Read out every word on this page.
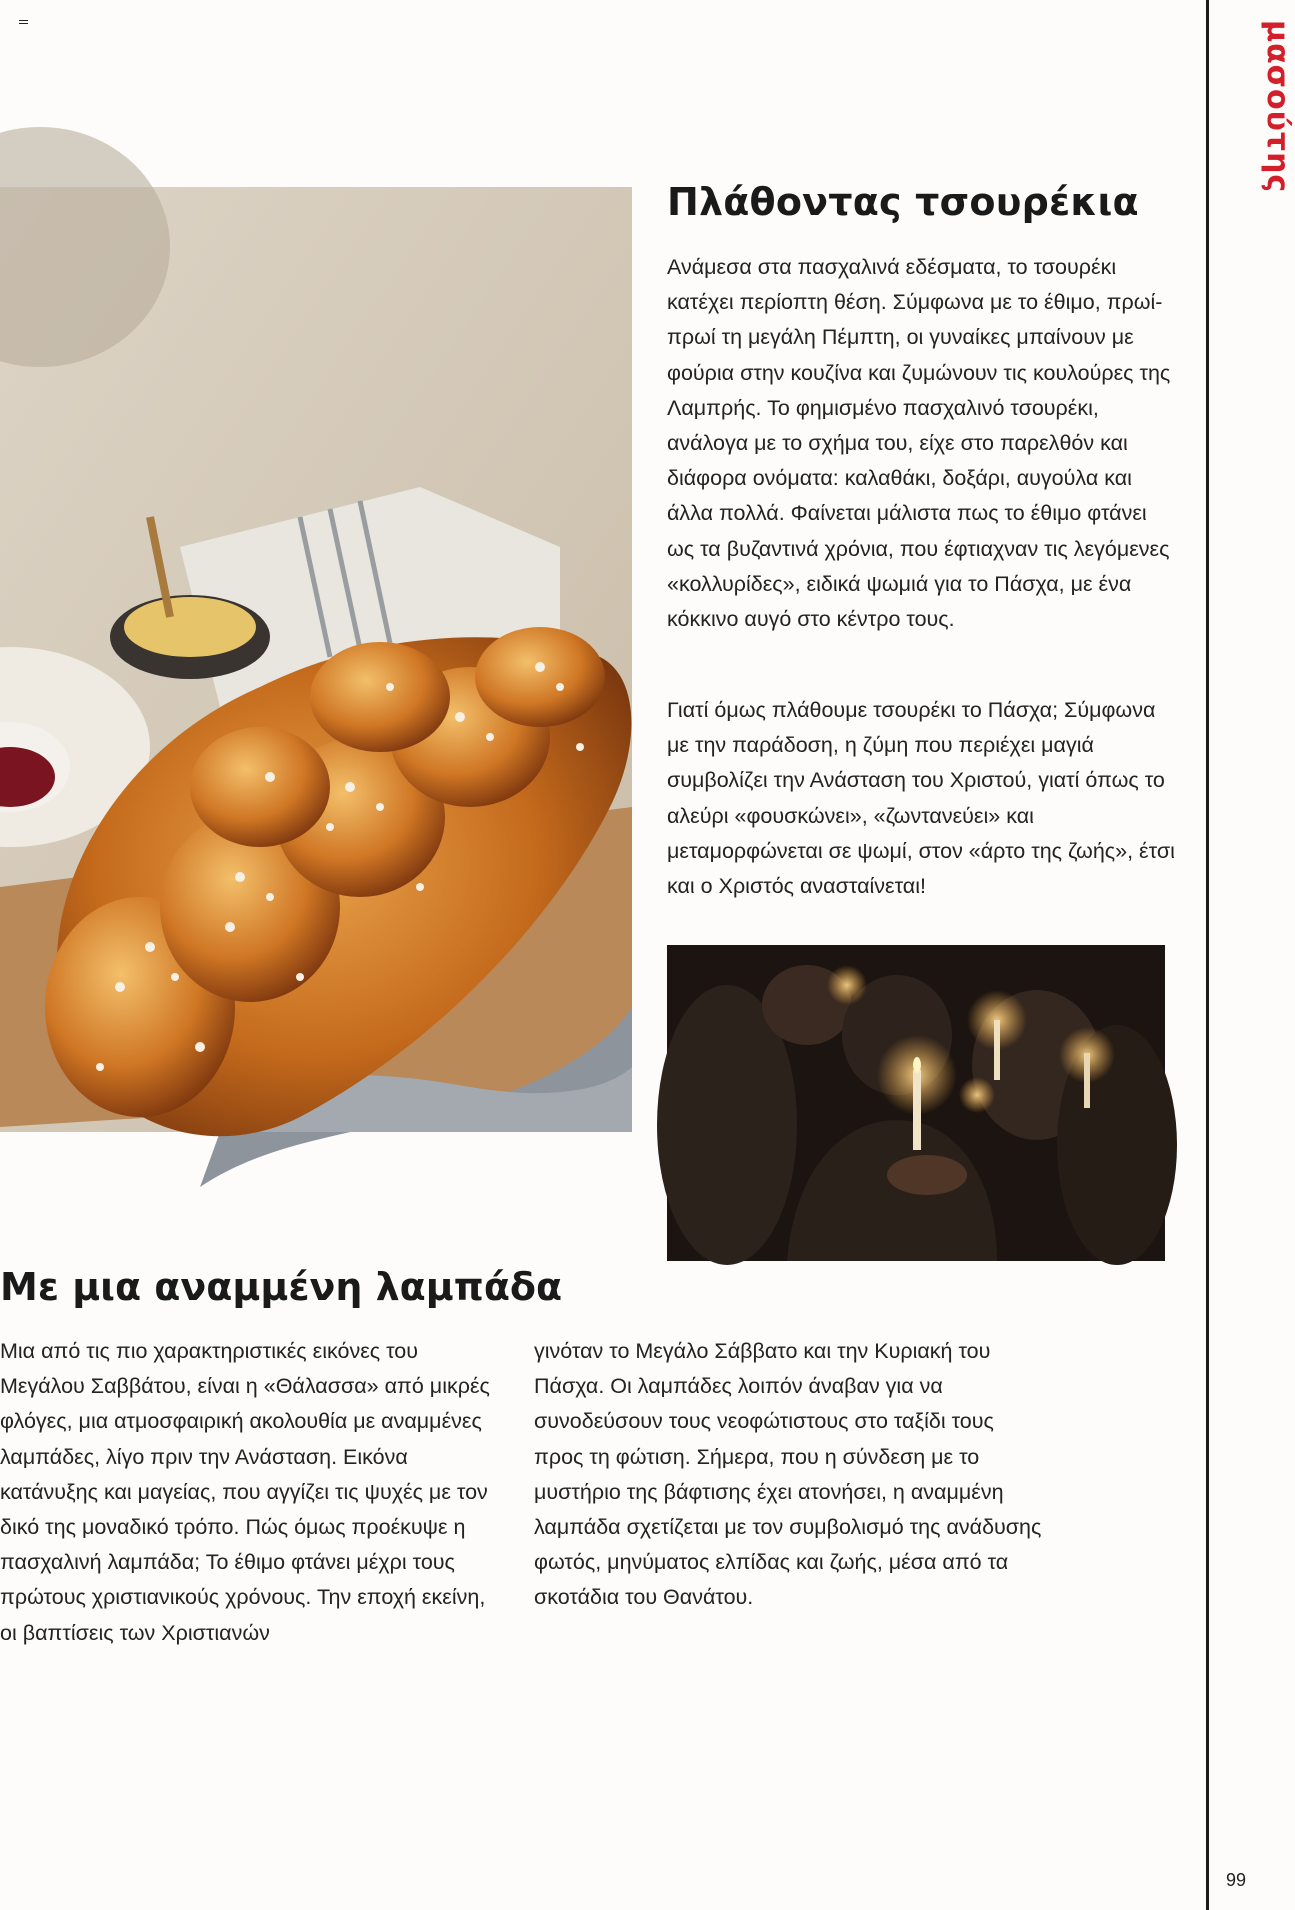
μασούτης
Πλάθοντας τσουρέκια

Ανάμεσα στα πασχαλινά εδέσματα, το τσουρέκι κατέχει περίοπτη θέση. Σύμφωνα με το έθιμο, πρωί-πρωί τη μεγάλη Πέμπτη, οι γυναίκες μπαίνουν με φούρια στην κουζίνα και ζυμώνουν τις κουλούρες της Λαμπρής. Το φημισμένο πασχαλινό τσουρέκι, ανάλογα με το σχήμα του, είχε στο παρελθόν και διάφορα ονόματα: καλαθάκι, δοξάρι, αυγούλα και άλλα πολλά. Φαίνεται μάλιστα πως το έθιμο φτάνει ως τα βυζαντινά χρόνια, που έφτιαχναν τις λεγόμενες «κολλυρίδες», ειδικά ψωμιά για το Πάσχα, με ένα κόκκινο αυγό στο κέντρο τους.

Γιατί όμως πλάθουμε τσουρέκι το Πάσχα; Σύμφωνα με την παράδοση, η ζύμη που περιέχει μαγιά συμβολίζει την Ανάσταση του Χριστού, γιατί όπως το αλεύρι «φουσκώνει», «ζωντανεύει» και μεταμορφώνεται σε ψωμί, στον «άρτο της ζωής», έτσι και ο Χριστός ανασταίνεται!

Με μια αναμμένη λαμπάδα

Μια από τις πιο χαρακτηριστικές εικόνες του Μεγάλου Σαββάτου, είναι η «Θάλασσα» από μικρές φλόγες, μια ατμοσφαιρική ακολουθία με αναμμένες λαμπάδες, λίγο πριν την Ανάσταση. Εικόνα κατάνυξης και μαγείας, που αγγίζει τις ψυχές με τον δικό της μοναδικό τρόπο. Πώς όμως προέκυψε η πασχαλινή λαμπάδα; Το έθιμο φτάνει μέχρι τους πρώτους χριστιανικούς χρόνους. Την εποχή εκείνη, οι βαπτίσεις των Χριστιανών

γινόταν το Μεγάλο Σάββατο και την Κυριακή του Πάσχα. Οι λαμπάδες λοιπόν άναβαν για να συνοδεύσουν τους νεοφώτιστους στο ταξίδι τους προς τη φώτιση. Σήμερα, που η σύνδεση με το μυστήριο της βάφτισης έχει ατονήσει, η αναμμένη λαμπάδα σχετίζεται με τον συμβολισμό της ανάδυσης φωτός, μηνύματος ελπίδας και ζωής, μέσα από τα σκοτάδια του Θανάτου.

99
